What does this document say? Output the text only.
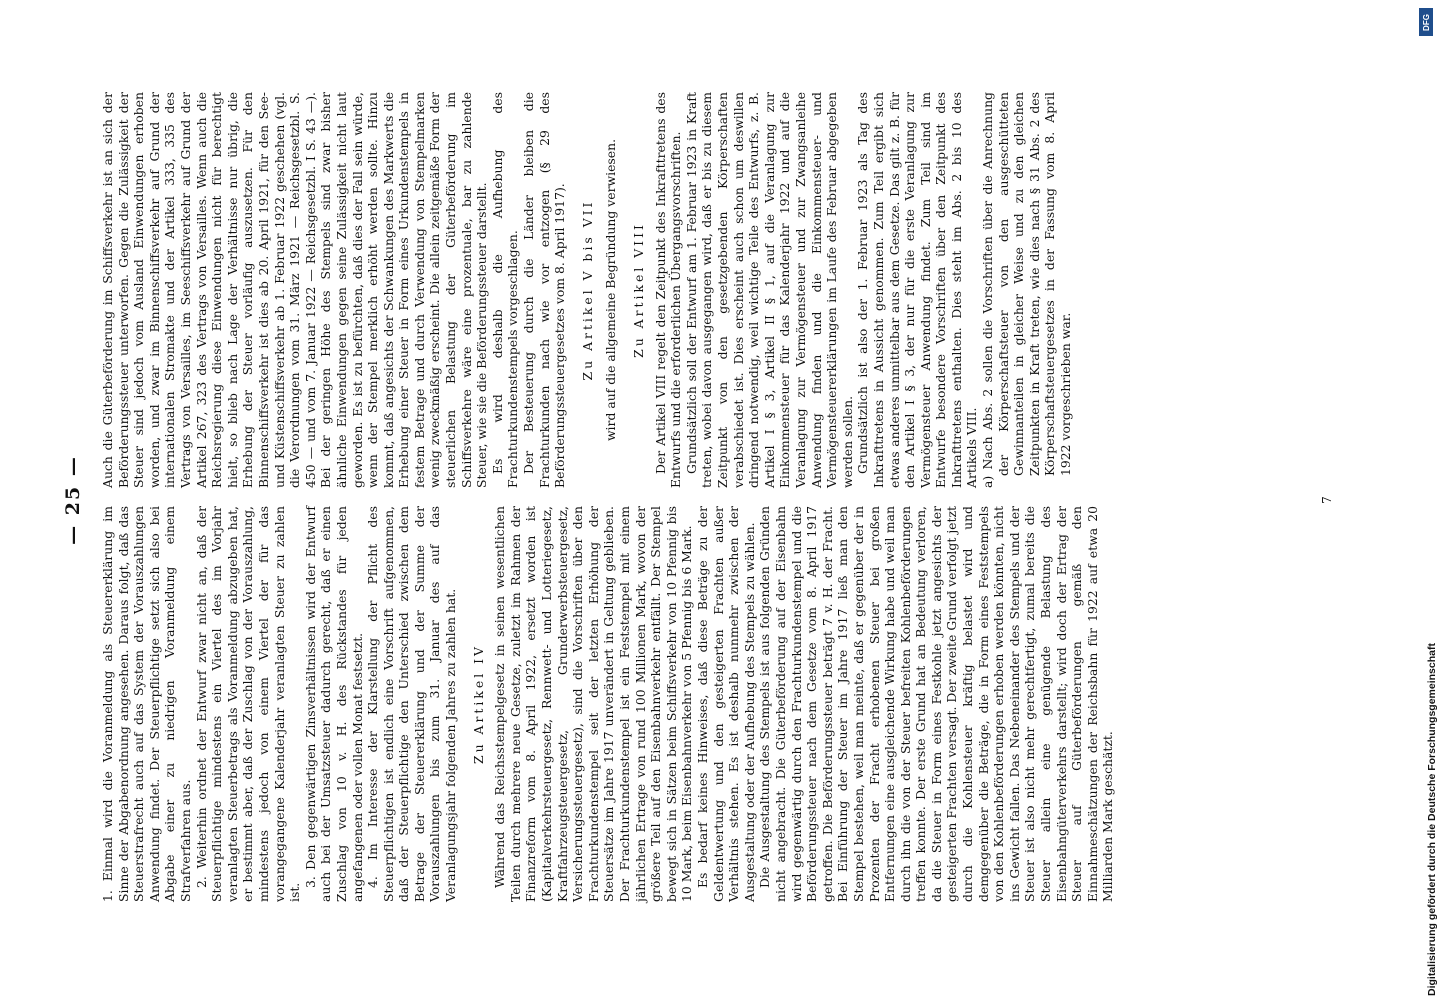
— 25 —

1. Einmal wird die Voranmeldung als Steuererklärung im Sinne der Abgabenordnung angesehen. Daraus folgt, daß das Steuerstrafrecht auch auf das System der Vorauszahlungen Anwendung findet. Der Steuerpflichtige setzt sich also bei Abgabe einer zu niedrigen Voranmeldung einem Strafverfahren aus. 2. Weiterhin ordnet der Entwurf zwar nicht an, daß der Steuerpflichtige mindestens ein Viertel des im Vorjahr veranlagten Steuerbetrags als Voranmeldung abzugeben hat, er bestimmt aber, daß der Zuschlag von der Vorauszahlung, mindestens jedoch von einem Viertel der für das vorangegangene Kalenderjahr veranlagten Steuer zu zahlen ist.

3. Den gegenwärtigen Zinsverhältnissen wird der Entwurf auch bei der Umsatzsteuer dadurch gerecht, daß er einen Zuschlag von 10 v. H. des Rückstandes für jeden angefangenen oder vollen Monat festsetzt. 4. Im Interesse der Klarstellung der Pflicht des Steuerpflichtigen ist endlich eine Vorschrift aufgenommen, daß der Steuerpflichtige den Unterschied zwischen dem Betrage der Steuererklärung und der Summe der Vorauszahlungen bis zum 31. Januar des auf das Veranlagungsjahr folgenden Jahres zu zahlen hat. Zu Artikel IV Während das Reichsstempelgesetz in seinen wesentlichen Teilen durch mehrere neue Gesetze, zuletzt im Rahmen der Finanzreform vom 8. April 1922, ersetzt worden ist (Kapitalverkehrsteuergesetz, Rennwett- und Lotteriegesetz, Kraftfahrzeugsteuergesetz, Grunderwerbsteuergesetz, Versicherungssteuergesetz), sind die Vorschriften über den Frachturkundenstempel seit der letzten Erhöhung der Steuersätze im Jahre 1917 unverändert in Geltung geblieben. Der Frachturkundenstempel ist ein Feststempel mit einem jährlichen Ertrage von rund 100 Millionen Mark, wovon der größere Teil auf den Eisenbahnverkehr entfällt. Der Stempel bewegt sich in Sätzen beim Schiffsverkehr von 10 Pfennig bis 10 Mark, beim Eisenbahnverkehr von 5 Pfennig bis 6 Mark. Es bedarf keines Hinweises, daß diese Beträge zu der Geldentwertung und den gesteigerten Frachten außer Verhältnis stehen. Es ist deshalb nunmehr zwischen der Ausgestaltung oder der Aufhebung des Stempels zu wählen. Die Ausgestaltung des Stempels ist aus folgenden Gründen nicht angebracht. Die Güterbeförderung auf der Eisenbahn wird gegenwärtig durch den Frachturkundenstempel und die Beförderungssteuer nach dem Gesetze vom 8. April 1917 getroffen. Die Beförderungssteuer beträgt 7 v. H. der Fracht. Bei Einführung der Steuer im Jahre 1917 ließ man den Stempel bestehen, weil man meinte, daß er gegenüber der in Prozenten der Fracht erhobenen Steuer bei großen Entfernungen eine ausgleichende Wirkung habe und weil man durch ihn die von der Steuer befreiten Kohlenbeförderungen treffen konnte. Der erste Grund hat an Bedeutung verloren, da die Steuer in Form eines Festkohle jetzt angesichts der gesteigerten Frachten versagt. Der zweite Grund verfolgt jetzt durch die Kohlensteuer kräftig belastet wird und demgegenüber die Beträge, die in Form eines Feststempels von den Kohlenbeförderungen erhoben werden könnten, nicht ins Gewicht fallen. Das Nebeneinander des Stempels und der Steuer ist also nicht mehr gerechtfertigt, zumal bereits die Steuer allein eine genügende Belastung des Eisenbahngüterverkehrs darstellt; wird doch der Ertrag der Steuer auf Güterbeförderungen gemäß den Einnahmeschätzungen der Reichsbahn für 1922 auf etwa 20 Milliarden Mark geschätzt.

Auch die Güterbeförderung im Schiffsverkehr ist an sich der Beförderungssteuer unterworfen. Gegen die Zulässigkeit der Steuer sind jedoch vom Ausland Einwendungen erhoben worden, und zwar im Binnenschiffsverkehr auf Grund der internationalen Stromakte und der Artikel 333, 335 des Vertrags von Versailles, im Seeschiffsverkehr auf Grund der Artikel 267, 323 des Vertrags von Versailles. Wenn auch die Reichsregierung diese Einwendungen nicht für berechtigt hielt, so blieb nach Lage der Verhältnisse nur übrig, die Erhebung der Steuer vorläufig auszusetzen. Für den Binnenschiffsverkehr ist dies ab 20. April 1921, für den See- und Küstenschiffsverkehr ab 1. Februar 1922 geschehen (vgl. die Verordnungen vom 31. März 1921 — Reichsgesetzbl. S. 450 — und vom 7. Januar 1922 — Reichsgesetzbl. I S. 43 —). Bei der geringen Höhe des Stempels sind zwar bisher ähnliche Einwendungen gegen seine Zulässigkeit nicht laut geworden. Es ist zu befürchten, daß dies der Fall sein würde, wenn der Stempel merklich erhöht werden sollte. Hinzu kommt, daß angesichts der Schwankungen des Markwerts die Erhebung einer Steuer in Form eines Urkundenstempels in festem Betrage und durch Verwendung von Stempelmarken wenig zweckmäßig erscheint. Die allein zeitgemäße Form der steuerlichen Belastung der Güterbeförderung im Schiffsverkehre wäre eine prozentuale, bar zu zahlende Steuer, wie sie die Beförderungssteuer darstellt. Es wird deshalb die Aufhebung des Frachturkundenstempels vorgeschlagen. Der Besteuerung durch die Länder bleiben die Frachturkunden nach wie vor entzogen (§ 29 des Beförderungssteuergesetzes vom 8. April 1917). Zu Artikel V bis VII wird auf die allgemeine Begründung verwiesen. Zu Artikel VIII Der Artikel VIII regelt den Zeitpunkt des Inkrafttretens des Entwurfs und die erforderlichen Übergangsvorschriften. Grundsätzlich soll der Entwurf am 1. Februar 1923 in Kraft treten, wobei davon ausgegangen wird, daß er bis zu diesem Zeitpunkt von den gesetzgebenden Körperschaften verabschiedet ist. Dies erscheint auch schon um deswillen dringend notwendig, weil wichtige Teile des Entwurfs, z. B. Artikel I § 3, Artikel II § 1, auf die Veranlagung zur Einkommensteuer für das Kalenderjahr 1922 und auf die Veranlagung zur Vermögensteuer und zur Zwangsanleihe Anwendung finden und die Einkommensteuer- und Vermögensteuererklärungen im Laufe des Februar abgegeben werden sollen. Grundsätzlich ist also der 1. Februar 1923 als Tag des Inkrafttretens in Aussicht genommen. Zum Teil ergibt sich etwas anderes unmittelbar aus dem Gesetze. Das gilt z. B. für den Artikel I § 3, der nur für die erste Veranlagung zur Vermögensteuer Anwendung findet. Zum Teil sind im Entwurfe besondere Vorschriften über den Zeitpunkt des Inkrafttretens enthalten. Dies steht im Abs. 2 bis 10 des Artikels VIII. a) Nach Abs. 2 sollen die Vorschriften über die Anrechnung der Körperschaftsteuer von den ausgeschütteten Gewinnanteilen in gleicher Weise und zu den gleichen Zeitpunkten in Kraft treten, wie dies nach § 31 Abs. 2 des Körperschaftsteuergesetzes in der Fassung vom 8. April 1922 vorgeschrieben war.

7
DFG
Digitalisierung gefördert durch die Deutsche Forschungsgemeinschaft
